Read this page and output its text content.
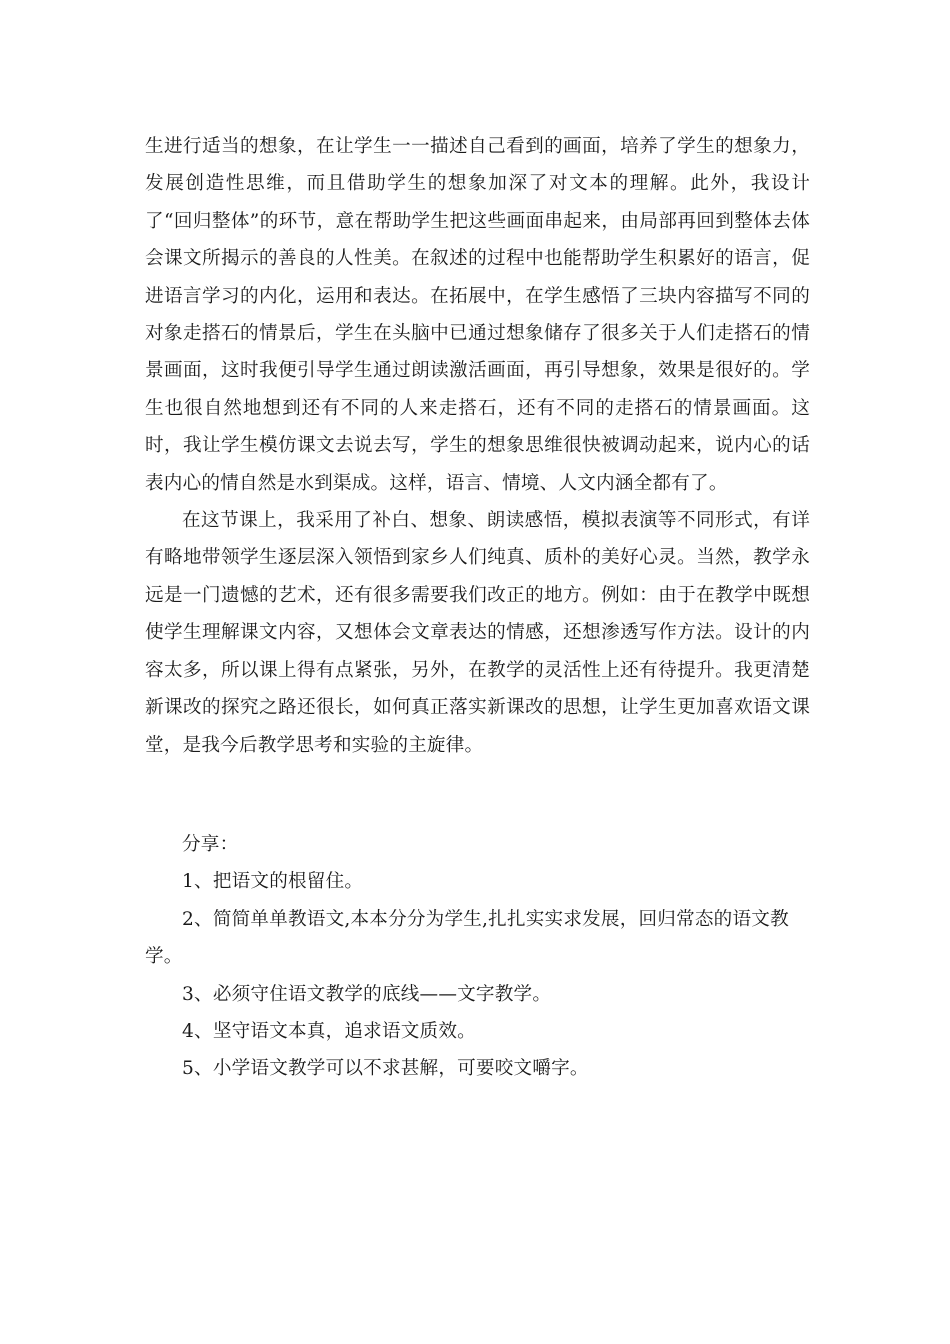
生进行适当的想象，在让学生一一描述自己看到的画面，培养了学生的想象力，发展创造性思维，而且借助学生的想象加深了对文本的理解。此外，我设计了“回归整体”的环节，意在帮助学生把这些画面串起来，由局部再回到整体去体会课文所揭示的善良的人性美。在叙述的过程中也能帮助学生积累好的语言，促进语言学习的内化，运用和表达。在拓展中，在学生感悟了三块内容描写不同的对象走搭石的情景后，学生在头脑中已通过想象储存了很多关于人们走搭石的情景画面，这时我便引导学生通过朗读激活画面，再引导想象，效果是很好的。学生也很自然地想到还有不同的人来走搭石，还有不同的走搭石的情景画面。这时，我让学生模仿课文去说去写，学生的想象思维很快被调动起来，说内心的话表内心的情自然是水到渠成。这样，语言、情境、人文内涵全都有了。

在这节课上，我采用了补白、想象、朗读感悟，模拟表演等不同形式，有详有略地带领学生逐层深入领悟到家乡人们纯真、质朴的美好心灵。当然，教学永远是一门遗憾的艺术，还有很多需要我们改正的地方。例如：由于在教学中既想使学生理解课文内容，又想体会文章表达的情感，还想渗透写作方法。设计的内容太多，所以课上得有点紧张，另外，在教学的灵活性上还有待提升。我更清楚新课改的探究之路还很长，如何真正落实新课改的思想，让学生更加喜欢语文课堂，是我今后教学思考和实验的主旋律。

分享：

1、把语文的根留住。

2、简简单单教语文,本本分分为学生,扎扎实实求发展，回归常态的语文教学。

3、必须守住语文教学的底线——文字教学。

4、坚守语文本真，追求语文质效。

5、小学语文教学可以不求甚解，可要咬文嚼字。
